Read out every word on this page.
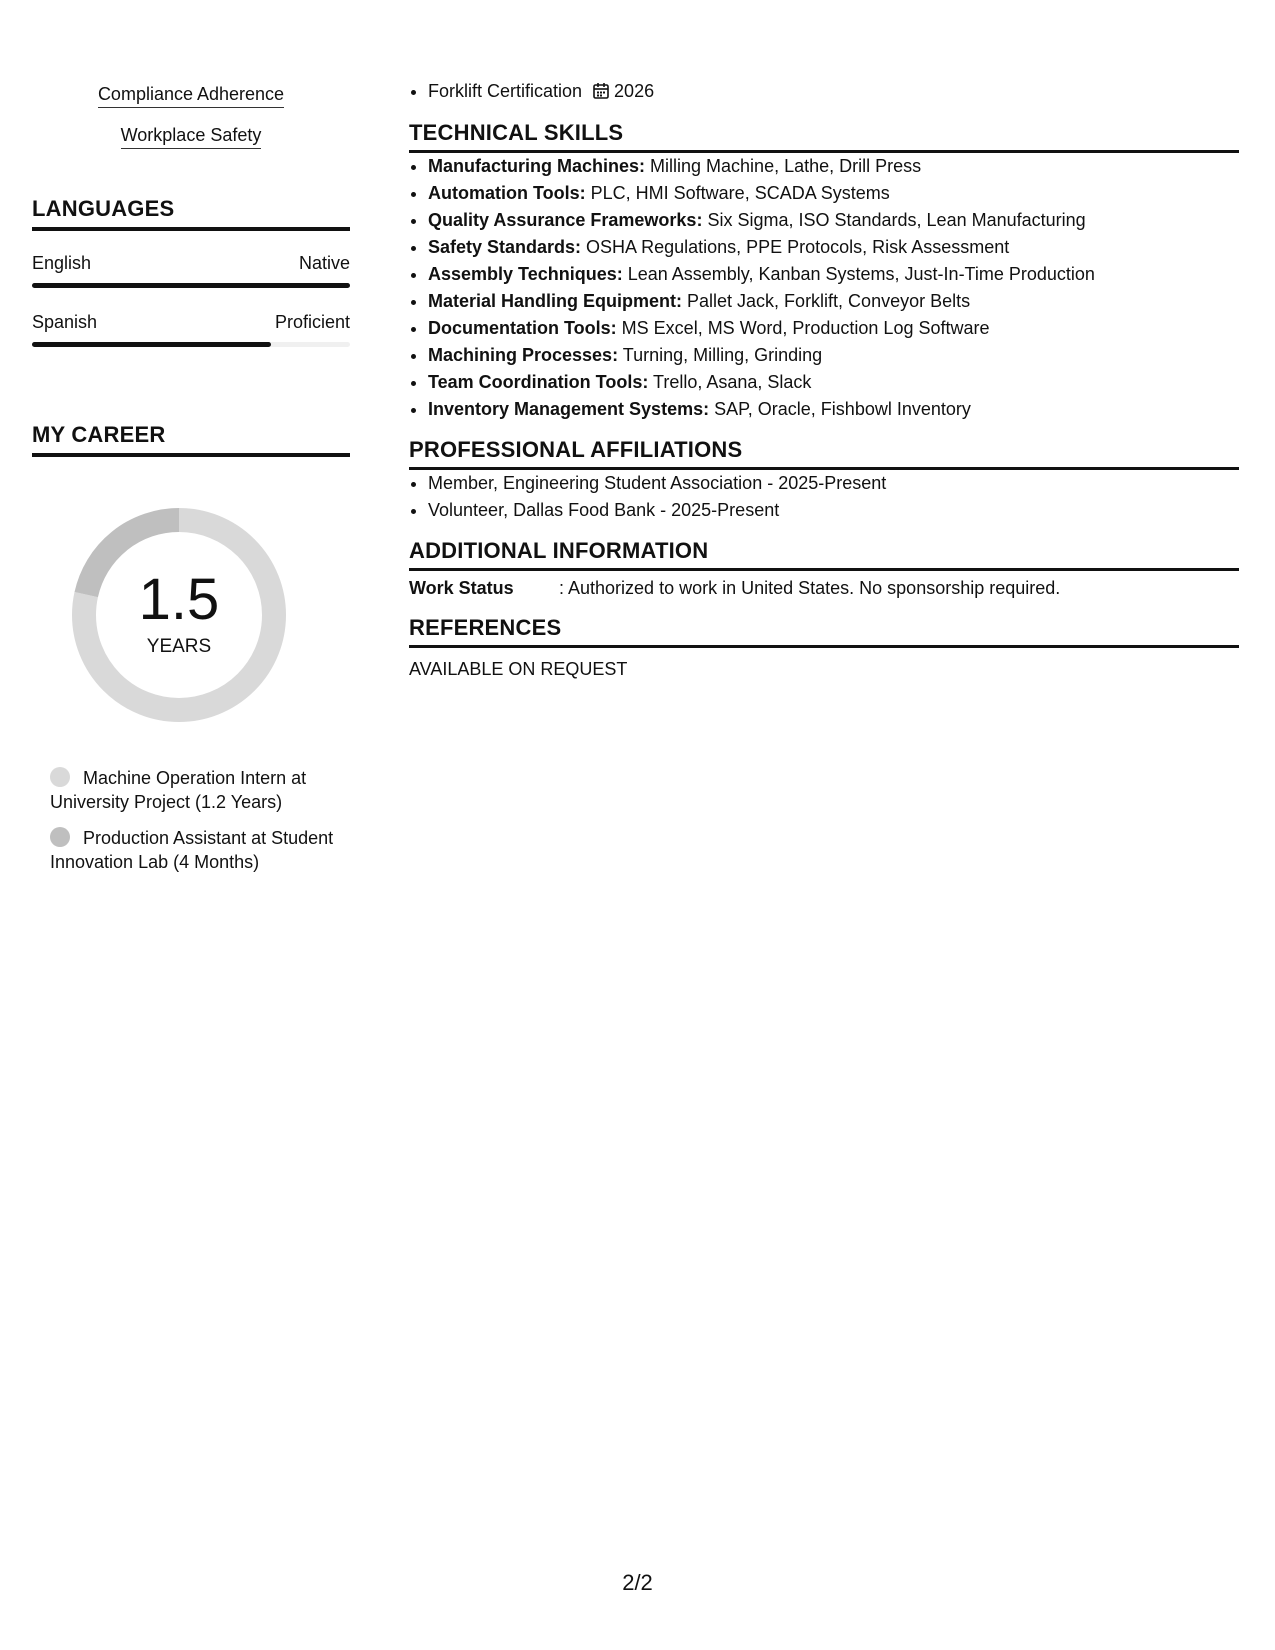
Compliance Adherence
Workplace Safety
LANGUAGES
English	Native
Spanish	Proficient
MY CAREER
1.5
YEARS
Machine Operation Intern at University Project (1.2 Years)
Production Assistant at Student Innovation Lab (4 Months)
• Forklift Certification 2026
TECHNICAL SKILLS
• Manufacturing Machines: Milling Machine, Lathe, Drill Press
• Automation Tools: PLC, HMI Software, SCADA Systems
• Quality Assurance Frameworks: Six Sigma, ISO Standards, Lean Manufacturing
• Safety Standards: OSHA Regulations, PPE Protocols, Risk Assessment
• Assembly Techniques: Lean Assembly, Kanban Systems, Just-In-Time Production
• Material Handling Equipment: Pallet Jack, Forklift, Conveyor Belts
• Documentation Tools: MS Excel, MS Word, Production Log Software
• Machining Processes: Turning, Milling, Grinding
• Team Coordination Tools: Trello, Asana, Slack
• Inventory Management Systems: SAP, Oracle, Fishbowl Inventory
PROFESSIONAL AFFILIATIONS
• Member, Engineering Student Association - 2025-Present
• Volunteer, Dallas Food Bank - 2025-Present
ADDITIONAL INFORMATION
Work Status	: Authorized to work in United States. No sponsorship required.
REFERENCES
AVAILABLE ON REQUEST
2/2
